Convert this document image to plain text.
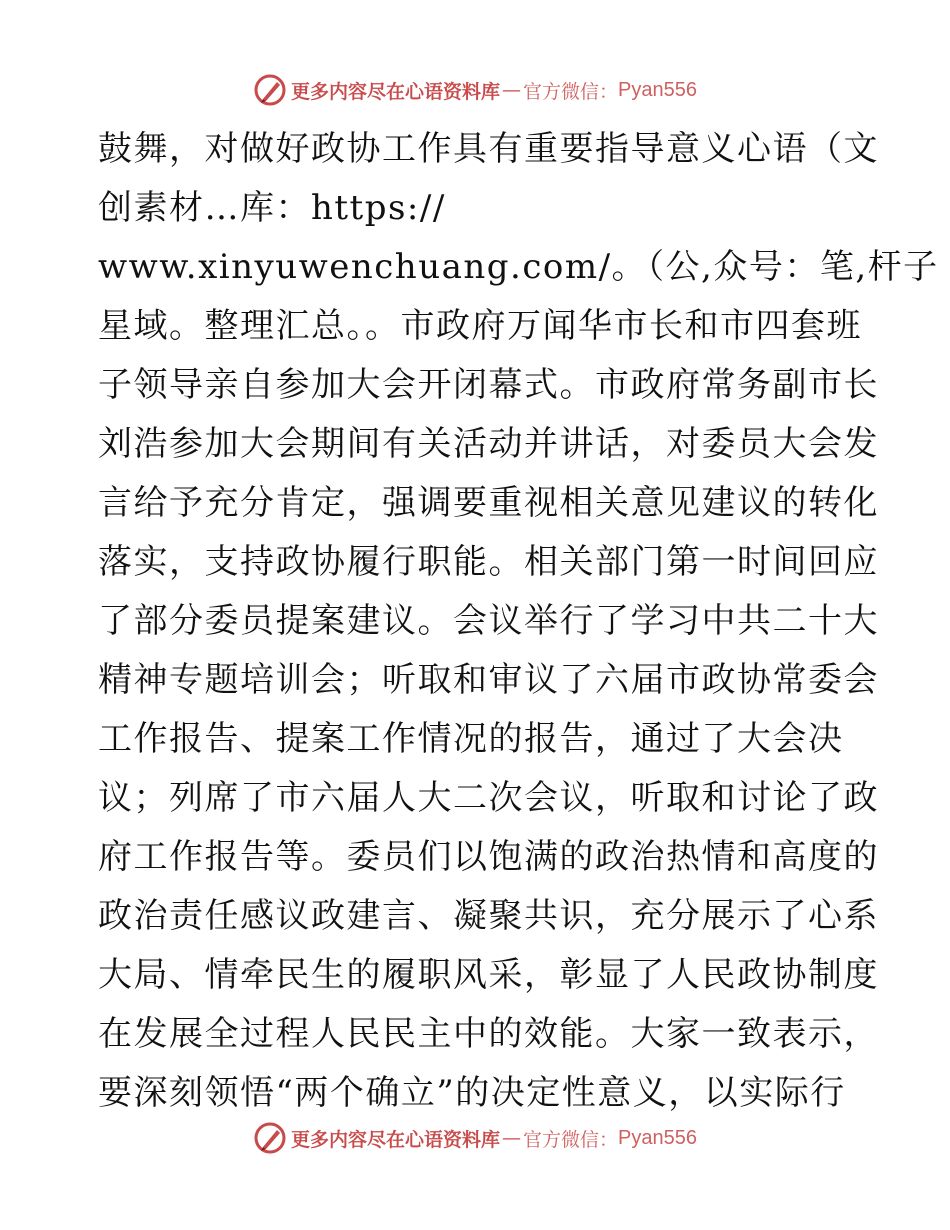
更多内容尽在心语资料库 — 官方微信： Pyan556
鼓舞，对做好政协工作具有重要指导意义心语（文
创素材…库：https://
www.xinyuwenchuang.com/。（公,众号：笔,杆子
星域。整理汇总。。市政府万闻华市长和市四套班
子领导亲自参加大会开闭幕式。市政府常务副市长
刘浩参加大会期间有关活动并讲话，对委员大会发
言给予充分肯定，强调要重视相关意见建议的转化
落实，支持政协履行职能。相关部门第一时间回应
了部分委员提案建议。会议举行了学习中共二十大
精神专题培训会；听取和审议了六届市政协常委会
工作报告、提案工作情况的报告，通过了大会决
议；列席了市六届人大二次会议，听取和讨论了政
府工作报告等。委员们以饱满的政治热情和高度的
政治责任感议政建言、凝聚共识，充分展示了心系
大局、情牵民生的履职风采，彰显了人民政协制度
在发展全过程人民民主中的效能。大家一致表示，
要深刻领悟“两个确立”的决定性意义，以实际行
更多内容尽在心语资料库 — 官方微信： Pyan556
